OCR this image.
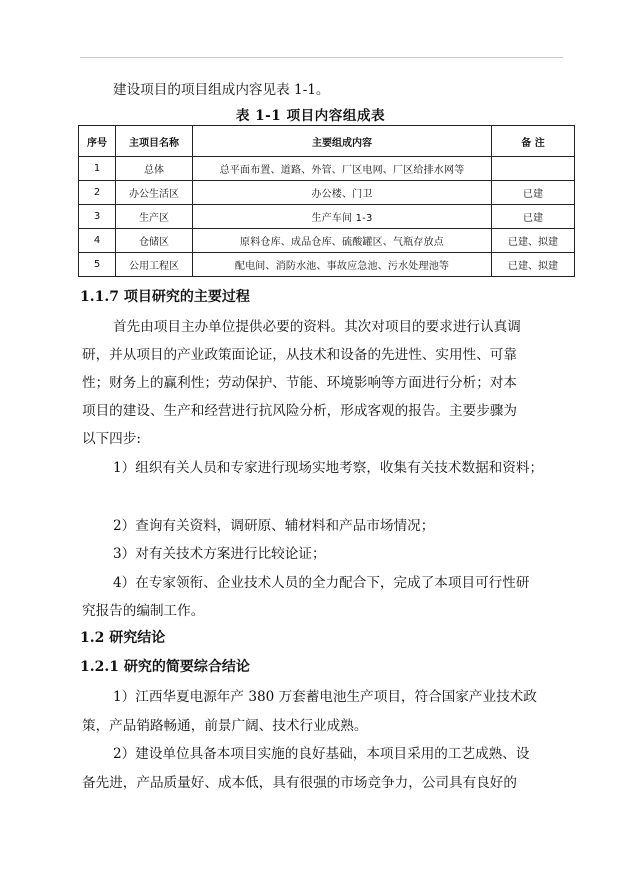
建设项目的项目组成内容见表 1-1。

表 1-1 项目内容组成表
序号	主项目名称	主要组成内容	备 注
1	总体	总平面布置、道路、外管、厂区电网、厂区给排水网等	
2	办公生活区	办公楼、门卫	已建
3	生产区	生产车间 1-3	已建
4	仓储区	原料仓库、成品仓库、硫酸罐区、气瓶存放点	已建、拟建
5	公用工程区	配电间、消防水池、事故应急池、污水处理池等	已建、拟建
1.1.7 项目研究的主要过程

首先由项目主办单位提供必要的资料。其次对项目的要求进行认真调

研，并从项目的产业政策面论证，从技术和设备的先进性、实用性、可靠

性；财务上的赢利性；劳动保护、节能、环境影响等方面进行分析；对本

项目的建设、生产和经营进行抗风险分析，形成客观的报告。主要步骤为

以下四步:

1）组织有关人员和专家进行现场实地考察，收集有关技术数据和资料；

2）查询有关资料，调研原、辅材料和产品市场情况；

3）对有关技术方案进行比较论证；

4）在专家领衔、企业技术人员的全力配合下，完成了本项目可行性研

究报告的编制工作。

1.2 研究结论
1.2.1 研究的简要综合结论

1）江西华夏电源年产 380 万套蓄电池生产项目，符合国家产业技术政

策，产品销路畅通，前景广阔、技术行业成熟。

2）建设单位具备本项目实施的良好基础，本项目采用的工艺成熟、设

备先进，产品质量好、成本低，具有很强的市场竞争力，公司具有良好的
